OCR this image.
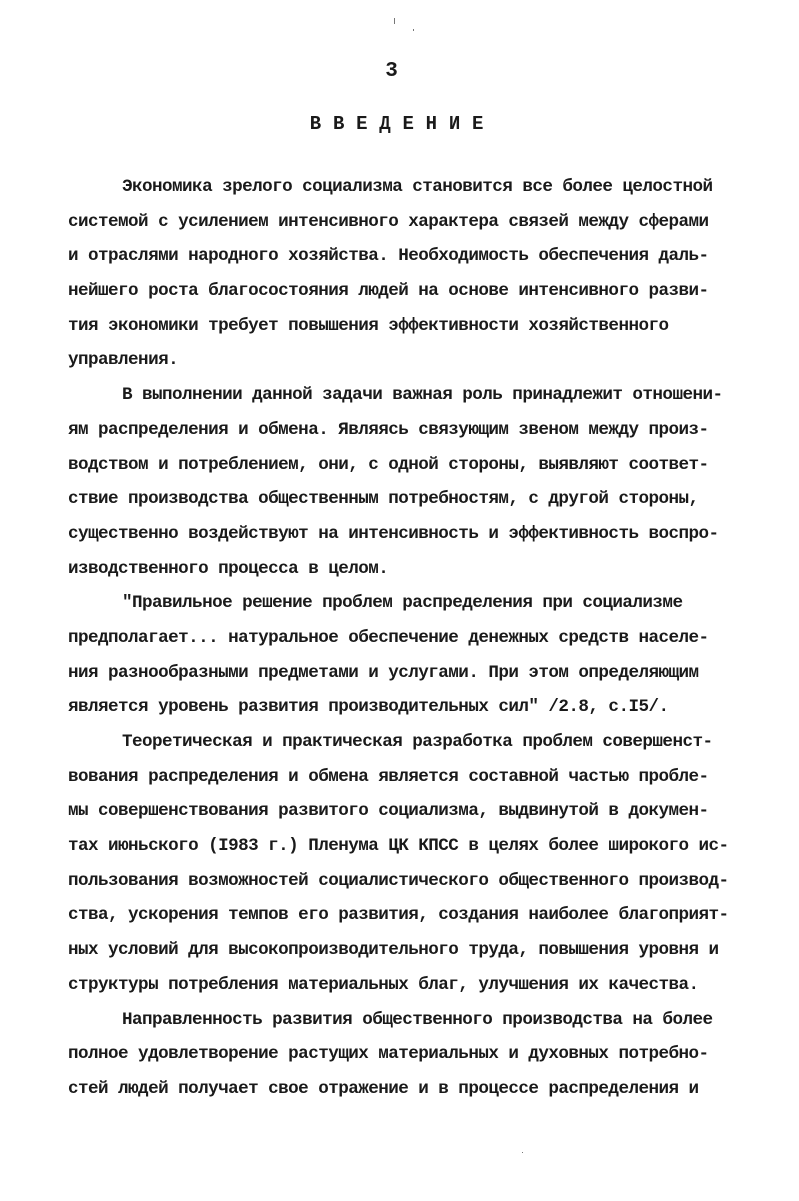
3
ВВЕДЕНИЕ
Экономика зрелого социализма становится все более целостной
системой с усилением интенсивного характера связей между сферами
и отраслями народного хозяйства. Необходимость обеспечения даль-
нейшего роста благосостояния людей на основе интенсивного разви-
тия экономики требует повышения эффективности хозяйственного
управления.
В выполнении данной задачи важная роль принадлежит отношени-
ям распределения и обмена. Являясь связующим звеном между произ-
водством и потреблением, они, с одной стороны, выявляют соответ-
ствие производства общественным потребностям, с другой стороны,
существенно воздействуют на интенсивность и эффективность воспро-
изводственного процесса в целом.
"Правильное решение проблем распределения при социализме
предполагает... натуральное обеспечение денежных средств населе-
ния разнообразными предметами и услугами. При этом определяющим
является уровень развития производительных сил" /2.8, с.I5/.
Теоретическая и практическая разработка проблем совершенст-
вования распределения и обмена является составной частью пробле-
мы совершенствования развитого социализма, выдвинутой в докумен-
тах июньского (I983 г.) Пленума ЦК КПСС в целях более широкого ис-
пользования возможностей социалистического общественного производ-
ства, ускорения темпов его развития, создания наиболее благоприят-
ных условий для высокопроизводительного труда, повышения уровня и
структуры потребления материальных благ, улучшения их качества.
Направленность развития общественного производства на более
полное удовлетворение растущих материальных и духовных потребно-
стей людей получает свое отражение и в процессе распределения и
